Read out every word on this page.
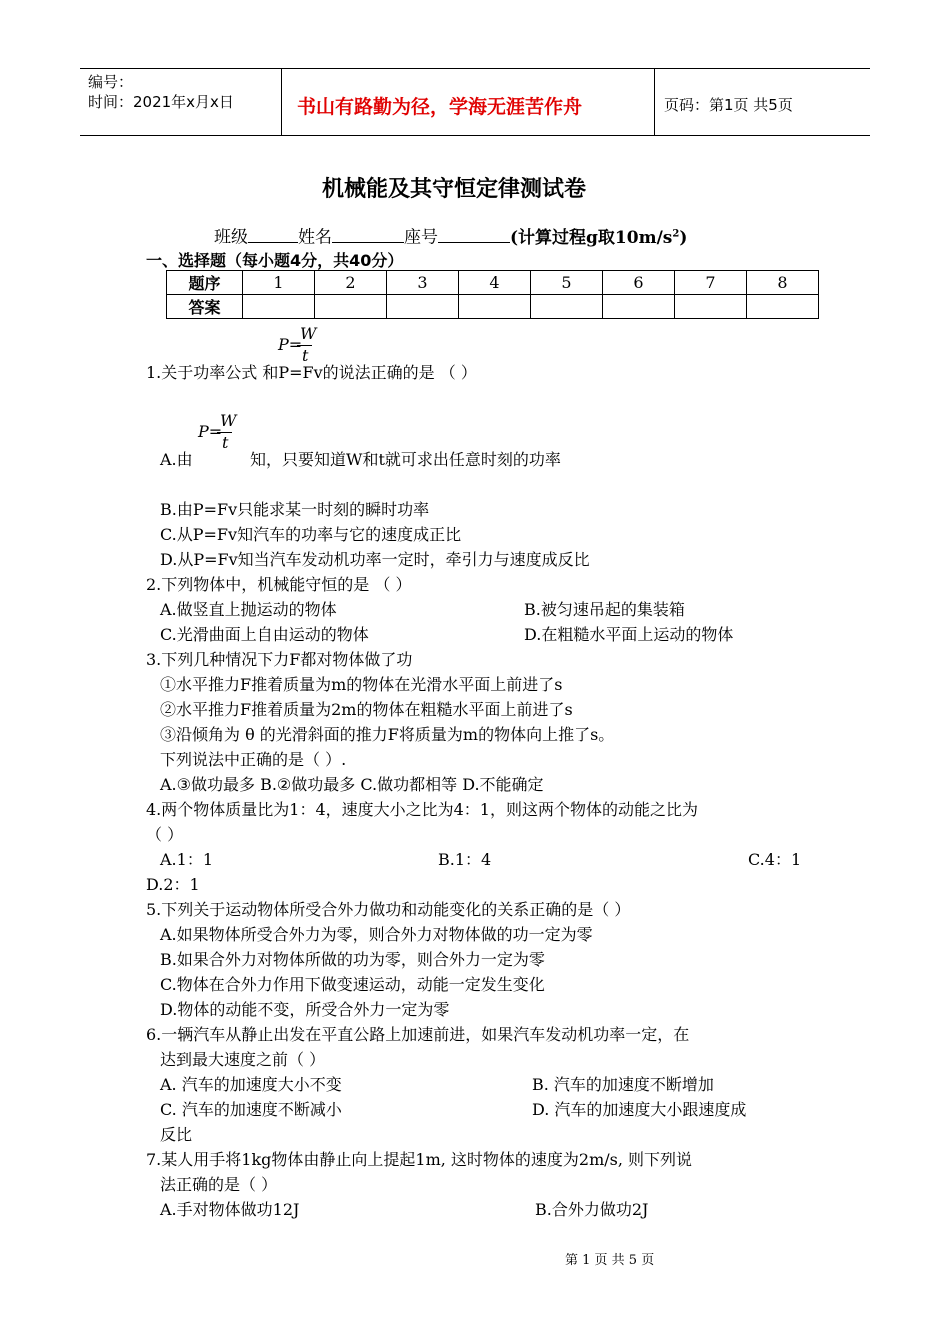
编号：
时间：2021年x月x日	书山有路勤为径，学海无涯苦作舟	页码：第1页 共5页
机械能及其守恒定律测试卷
班级	姓名	座号	(计算过程g取$10m/s^2$)
一、选择题（每小题4分，共40分）
题序	1	2	3	4	5	6	7	8
答案								
P=
W
t
1.关于功率公式 和P=Fv的说法正确的是 （ ）
P=
W
t
A.由	知，只要知道W和t就可求出任意时刻的功率
B.由P=Fv只能求某一时刻的瞬时功率
C.从P=Fv知汽车的功率与它的速度成正比
D.从P=Fv知当汽车发动机功率一定时，牵引力与速度成反比
2.下列物体中，机械能守恒的是 （ ）
A.做竖直上抛运动的物体	B.被匀速吊起的集装箱
C.光滑曲面上自由运动的物体	D.在粗糙水平面上运动的物体
3.下列几种情况下力F都对物体做了功
①水平推力F推着质量为m的物体在光滑水平面上前进了s
②水平推力F推着质量为2m的物体在粗糙水平面上前进了s
③沿倾角为 θ 的光滑斜面的推力F将质量为m的物体向上推了s。
下列说法中正确的是（ ）.
A.③做功最多 B.②做功最多 C.做功都相等 D.不能确定
4.两个物体质量比为1：4，速度大小之比为4：1，则这两个物体的动能之比为
（ ）
A.1：1	B.1：4	C.4：1
D.2：1
5.下列关于运动物体所受合外力做功和动能变化的关系正确的是（ ）
A.如果物体所受合外力为零，则合外力对物体做的功一定为零
B.如果合外力对物体所做的功为零，则合外力一定为零
C.物体在合外力作用下做变速运动，动能一定发生变化
D.物体的动能不变，所受合外力一定为零
6.一辆汽车从静止出发在平直公路上加速前进，如果汽车发动机功率一定，在
达到最大速度之前（ ）
A. 汽车的加速度大小不变	B. 汽车的加速度不断增加
C. 汽车的加速度不断减小	D. 汽车的加速度大小跟速度成
反比
7.某人用手将1kg物体由静止向上提起1m, 这时物体的速度为2m/s, 则下列说
法正确的是（ ）
A.手对物体做功12J	B.合外力做功2J
第 1 页 共 5 页
